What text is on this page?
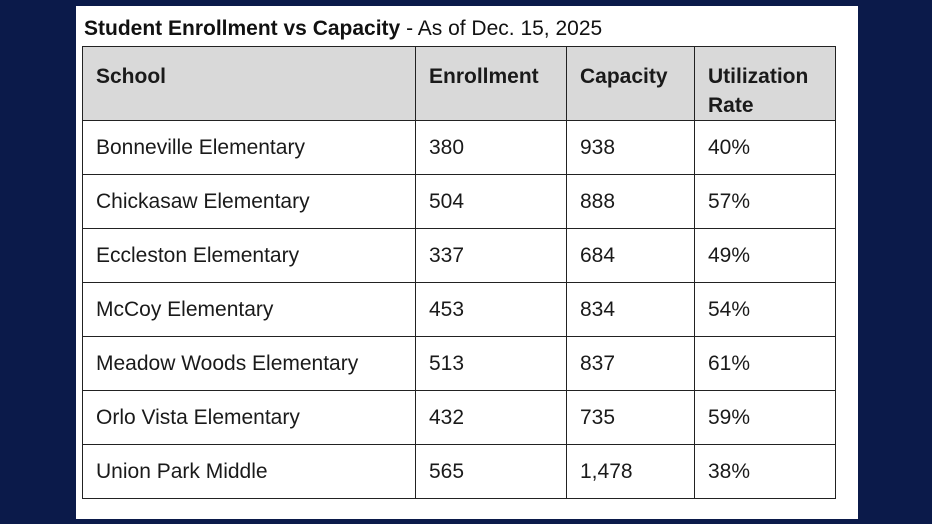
Student Enrollment vs Capacity - As of Dec. 15, 2025
School	Enrollment	Capacity	Utilization Rate
Bonneville Elementary	380	938	40%
Chickasaw Elementary	504	888	57%
Eccleston Elementary	337	684	49%
McCoy Elementary	453	834	54%
Meadow Woods Elementary	513	837	61%
Orlo Vista Elementary	432	735	59%
Union Park Middle	565	1,478	38%
